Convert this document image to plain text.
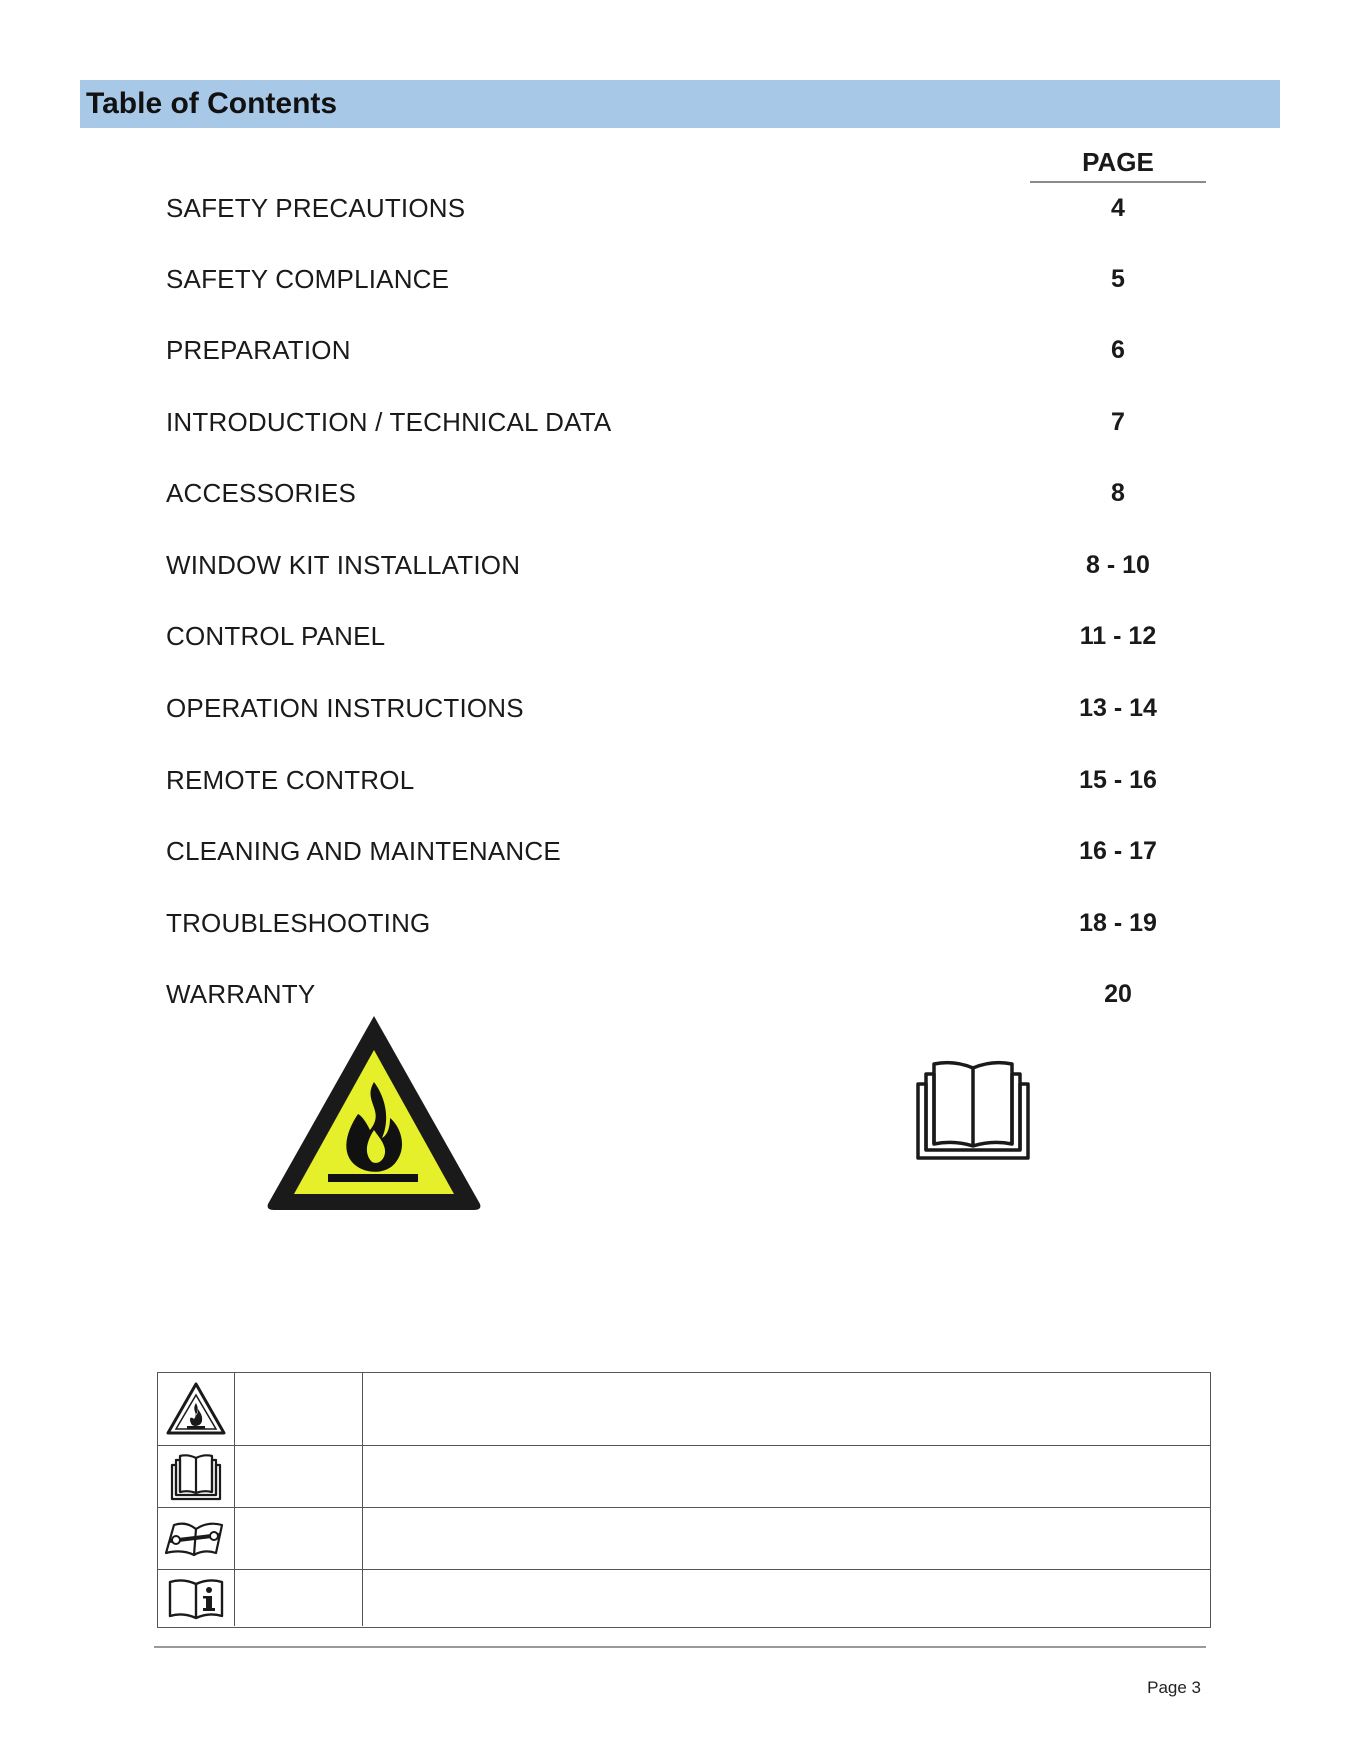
Table of Contents
PAGE
SAFETY PRECAUTIONS	4
SAFETY COMPLIANCE	5
PREPARATION	6
INTRODUCTION / TECHNICAL DATA	7
ACCESSORIES	8
WINDOW KIT INSTALLATION	8 - 10
CONTROL PANEL	11 - 12
OPERATION INSTRUCTIONS	13 - 14
REMOTE CONTROL	15 - 16
CLEANING AND MAINTENANCE	16 - 17
TROUBLESHOOTING	18 - 19
WARRANTY	20
Page 3
